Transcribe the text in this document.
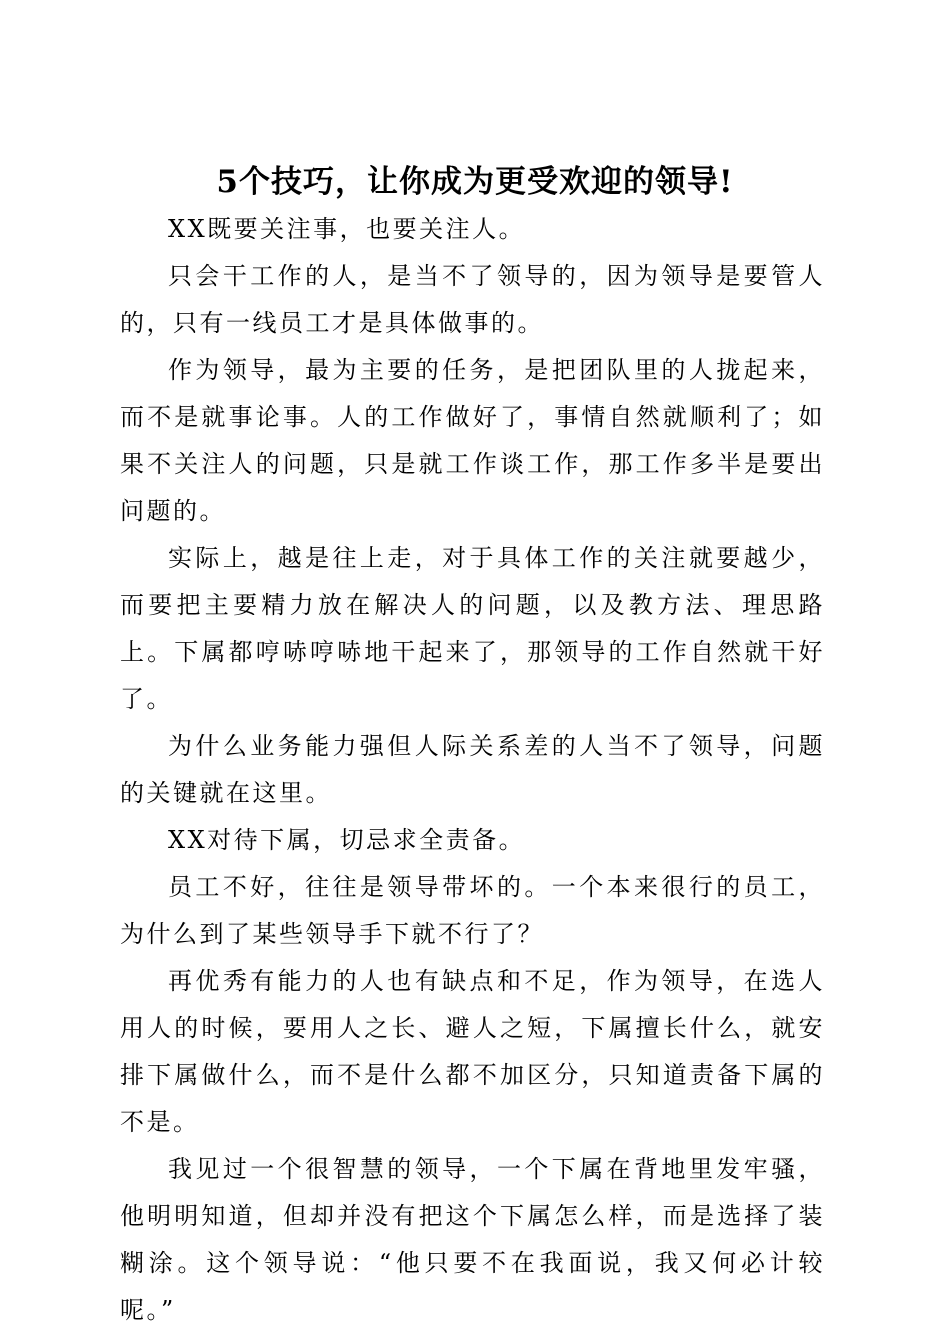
5个技巧，让你成为更受欢迎的领导!

XX既要关注事，也要关注人。

只会干工作的人，是当不了领导的，因为领导是要管人的，只有一线员工才是具体做事的。

作为领导，最为主要的任务，是把团队里的人拢起来，而不是就事论事。人的工作做好了，事情自然就顺利了；如果不关注人的问题，只是就工作谈工作，那工作多半是要出问题的。

实际上，越是往上走，对于具体工作的关注就要越少，而要把主要精力放在解决人的问题，以及教方法、理思路上。下属都哼哧哼哧地干起来了，那领导的工作自然就干好了。

为什么业务能力强但人际关系差的人当不了领导，问题的关键就在这里。

XX对待下属，切忌求全责备。

员工不好，往往是领导带坏的。一个本来很行的员工，为什么到了某些领导手下就不行了？

再优秀有能力的人也有缺点和不足，作为领导，在选人用人的时候，要用人之长、避人之短，下属擅长什么，就安排下属做什么，而不是什么都不加区分，只知道责备下属的不是。

我见过一个很智慧的领导，一个下属在背地里发牢骚，他明明知道，但却并没有把这个下属怎么样，而是选择了装糊涂。这个领导说：“他只要不在我面说，我又何必计较呢。”
